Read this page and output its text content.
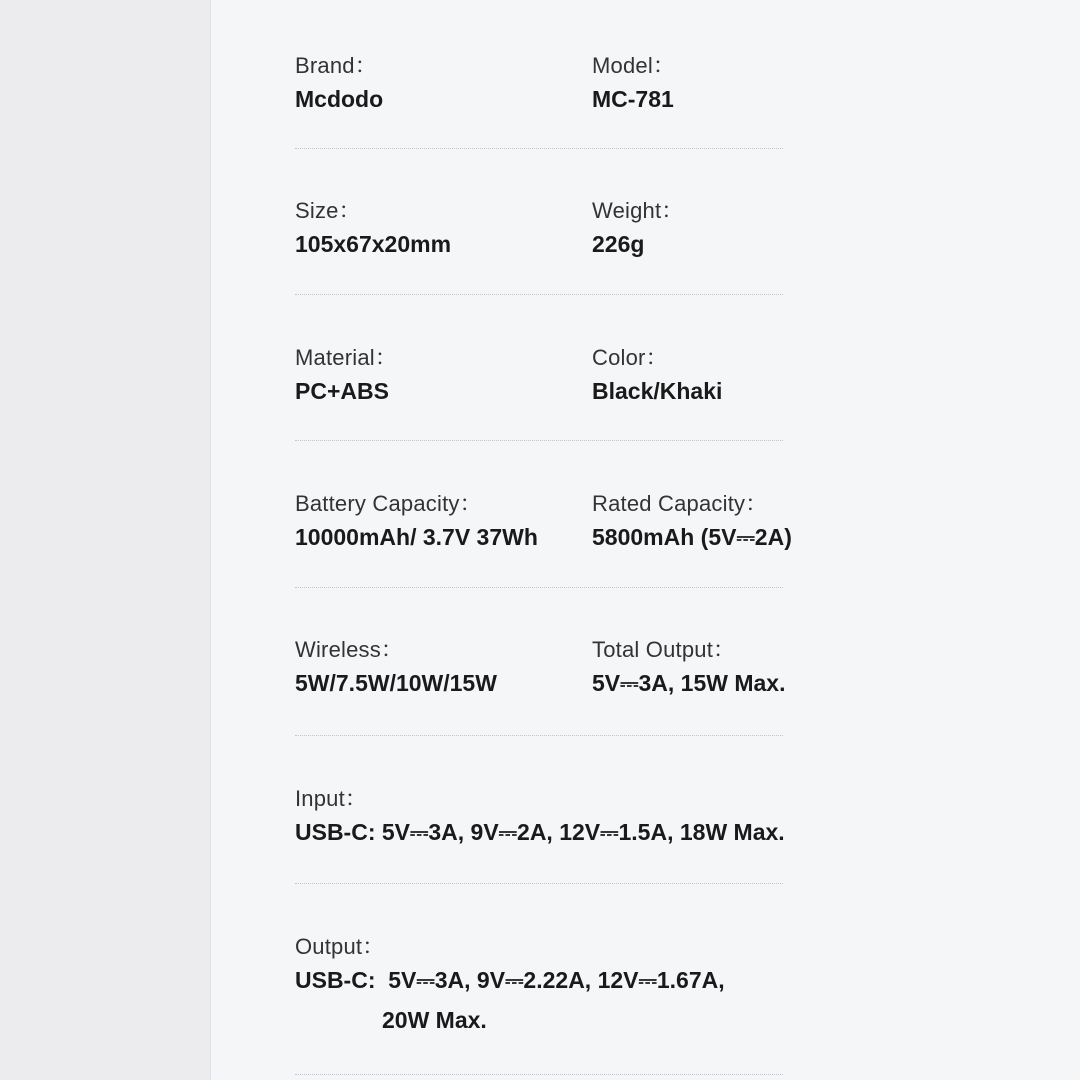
Brand：
Mcdodo
Model：
MC-781
Size：
105x67x20mm
Weight：
226g
Material：
PC+ABS
Color：
Black/Khaki
Battery Capacity：
10000mAh/ 3.7V 37Wh
Rated Capacity：
5800mAh (5V⎓2A)
Wireless：
5W/7.5W/10W/15W
Total Output：
5V⎓3A, 15W Max.
Input：
USB-C: 5V⎓3A, 9V⎓2A, 12V⎓1.5A, 18W Max.
Output：
USB-C:  5V⎓3A, 9V⎓2.22A, 12V⎓1.67A,
20W Max.
